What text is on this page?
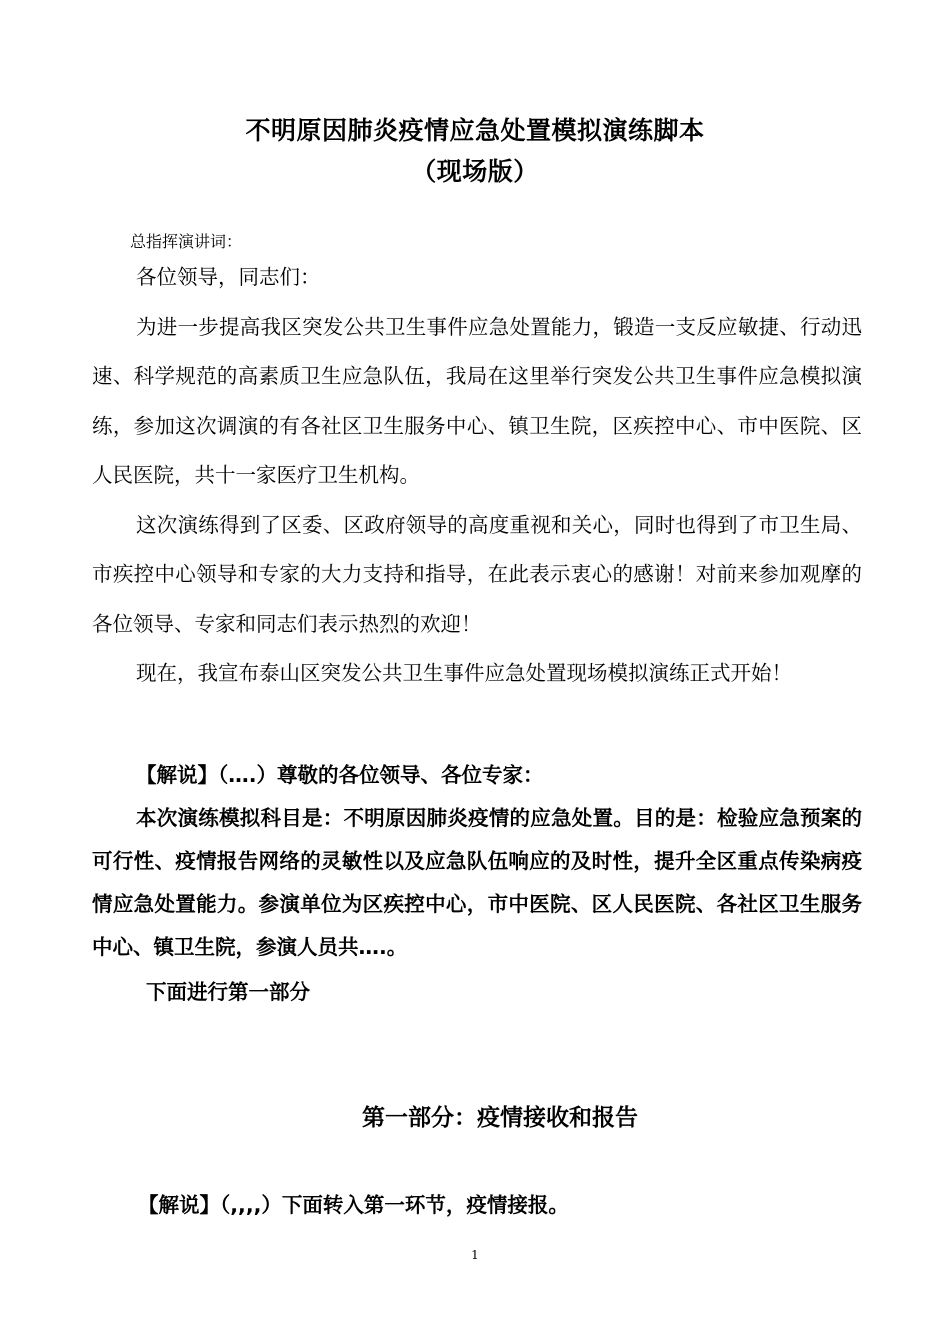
不明原因肺炎疫情应急处置模拟演练脚本
（现场版）
总指挥演讲词：

各位领导，同志们：

为进一步提高我区突发公共卫生事件应急处置能力，锻造一支反应敏捷、行动迅速、科学规范的高素质卫生应急队伍，我局在这里举行突发公共卫生事件应急模拟演练，参加这次调演的有各社区卫生服务中心、镇卫生院，区疾控中心、市中医院、区人民医院，共十一家医疗卫生机构。

这次演练得到了区委、区政府领导的高度重视和关心，同时也得到了市卫生局、市疾控中心领导和专家的大力支持和指导，在此表示衷心的感谢！对前来参加观摩的各位领导、专家和同志们表示热烈的欢迎！

现在，我宣布泰山区突发公共卫生事件应急处置现场模拟演练正式开始！

【解说】（….）尊敬的各位领导、各位专家：

本次演练模拟科目是：不明原因肺炎疫情的应急处置。目的是：检验应急预案的可行性、疫情报告网络的灵敏性以及应急队伍响应的及时性，提升全区重点传染病疫情应急处置能力。参演单位为区疾控中心，市中医院、区人民医院、各社区卫生服务中心、镇卫生院，参演人员共….。

下面进行第一部分
第一部分：疫情接收和报告
【解说】（,,,,）下面转入第一环节，疫情接报。
1
